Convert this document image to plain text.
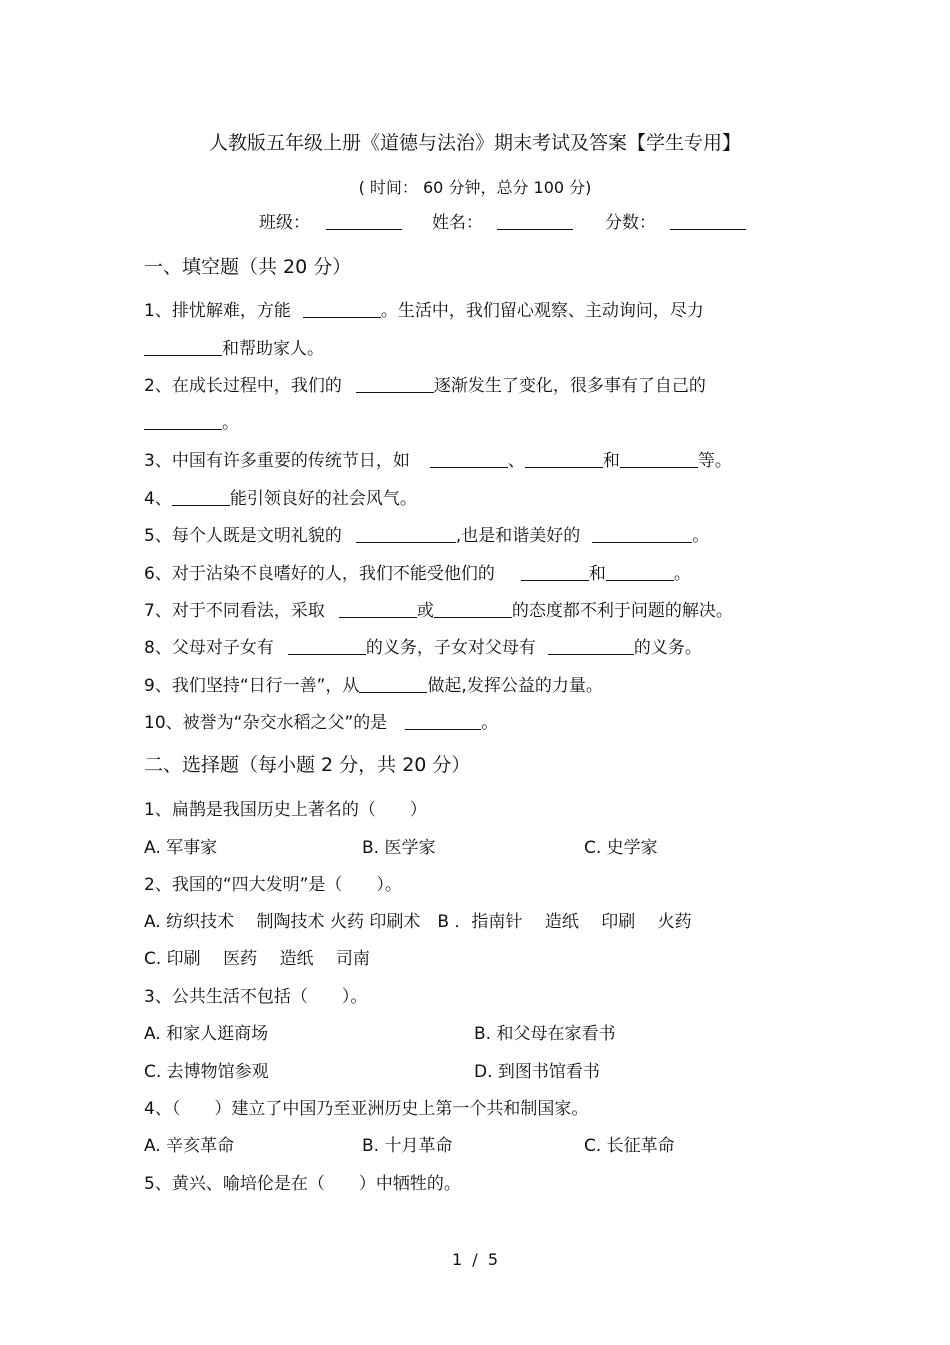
人教版五年级上册《道德与法治》期末考试及答案【学生专用】
( 时间： 60 分钟，总分 100 分)
班级：	姓名：	分数：
一、填空题（共 20 分）
1、排忧解难，方能	。生活中，我们留心观察、主动询问，尽力
和帮助家人。
2、在成长过程中，我们的	逐渐发生了变化，很多事有了自己的
。
3、中国有许多重要的传统节日，如	、	和	等。
4、	能引领良好的社会风气。
5、每个人既是文明礼貌的	,也是和谐美好的	。
6、对于沾染不良嗜好的人，我们不能受他们的	和	。
7、对于不同看法，采取	或	的态度都不利于问题的解决。
8、父母对子女有	的义务，子女对父母有	的义务。
9、我们坚持“日行一善”，从	做起,发挥公益的力量。
10、被誉为“杂交水稻之父”的是	。
二、选择题（每小题 2 分，共 20 分）
1、扁鹊是我国历史上著名的（　　）
A. 军事家	B. 医学家	C. 史学家
2、我国的“四大发明”是（　　）。
A. 纺织技术　 制陶技术 火药 印刷术　B ．指南针　 造纸　 印刷　 火药
C. 印刷　 医药　 造纸　 司南
3、公共生活不包括（　　）。
A. 和家人逛商场	B. 和父母在家看书
C. 去博物馆参观	D. 到图书馆看书
4、（　　）建立了中国乃至亚洲历史上第一个共和制国家。
A. 辛亥革命	B. 十月革命	C. 长征革命
5、黄兴、喻培伦是在（　　）中牺牲的。
1  /  5
